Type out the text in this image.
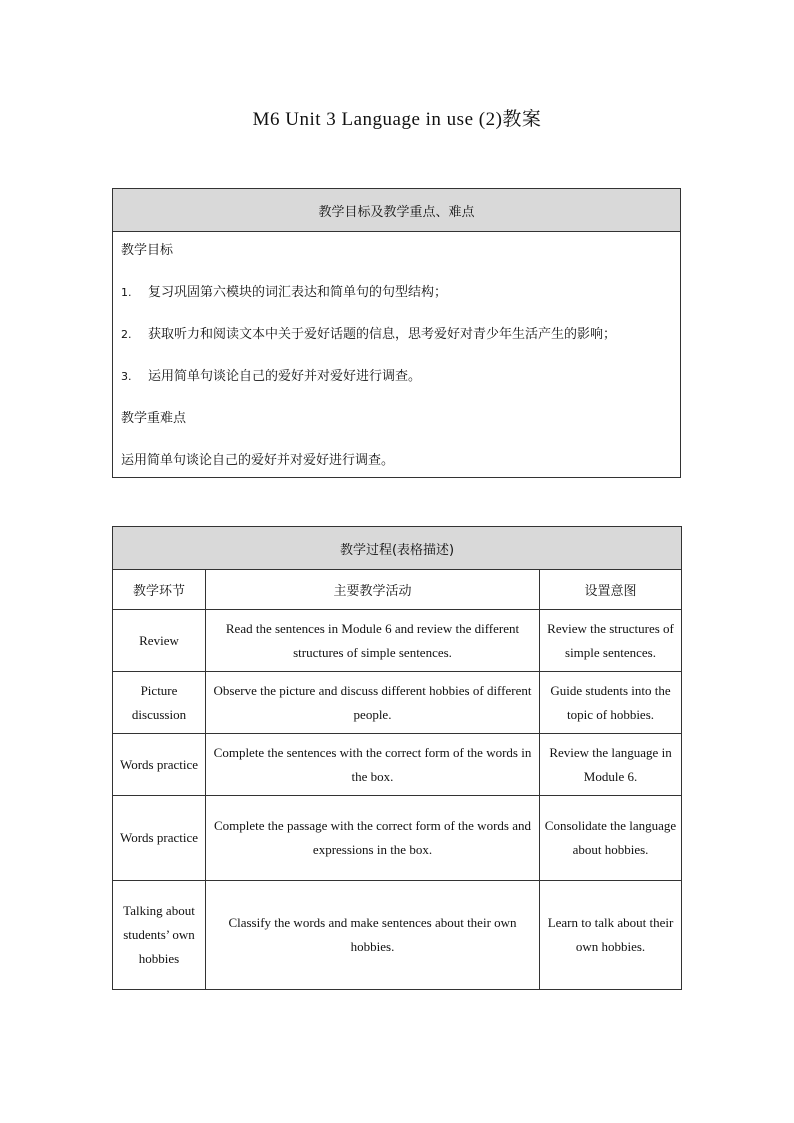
M6 Unit 3 Language in use (2)教案
教学目标及教学重点、难点

教学目标

1.	复习巩固第六模块的词汇表达和简单句的句型结构；

2.	获取听力和阅读文本中关于爱好话题的信息，思考爱好对青少年生活产生的影响；

3.	运用简单句谈论自己的爱好并对爱好进行调查。

教学重难点

运用简单句谈论自己的爱好并对爱好进行调查。

教学过程(表格描述)		
教学环节	主要教学活动	设置意图
Review	Read the sentences in Module 6 and review the different structures of simple sentences.	Review the structures of simple sentences.
Picture discussion	Observe the picture and discuss different hobbies of different people.	Guide students into the topic of hobbies.
Words practice	Complete the sentences with the correct form of the words in the box.	Review the language in Module 6.
Words practice	Complete the passage with the correct form of the words and expressions in the box.	Consolidate the language about hobbies.
Talking about students’ own hobbies	Classify the words and make sentences about their own hobbies.	Learn to talk about their own hobbies.
